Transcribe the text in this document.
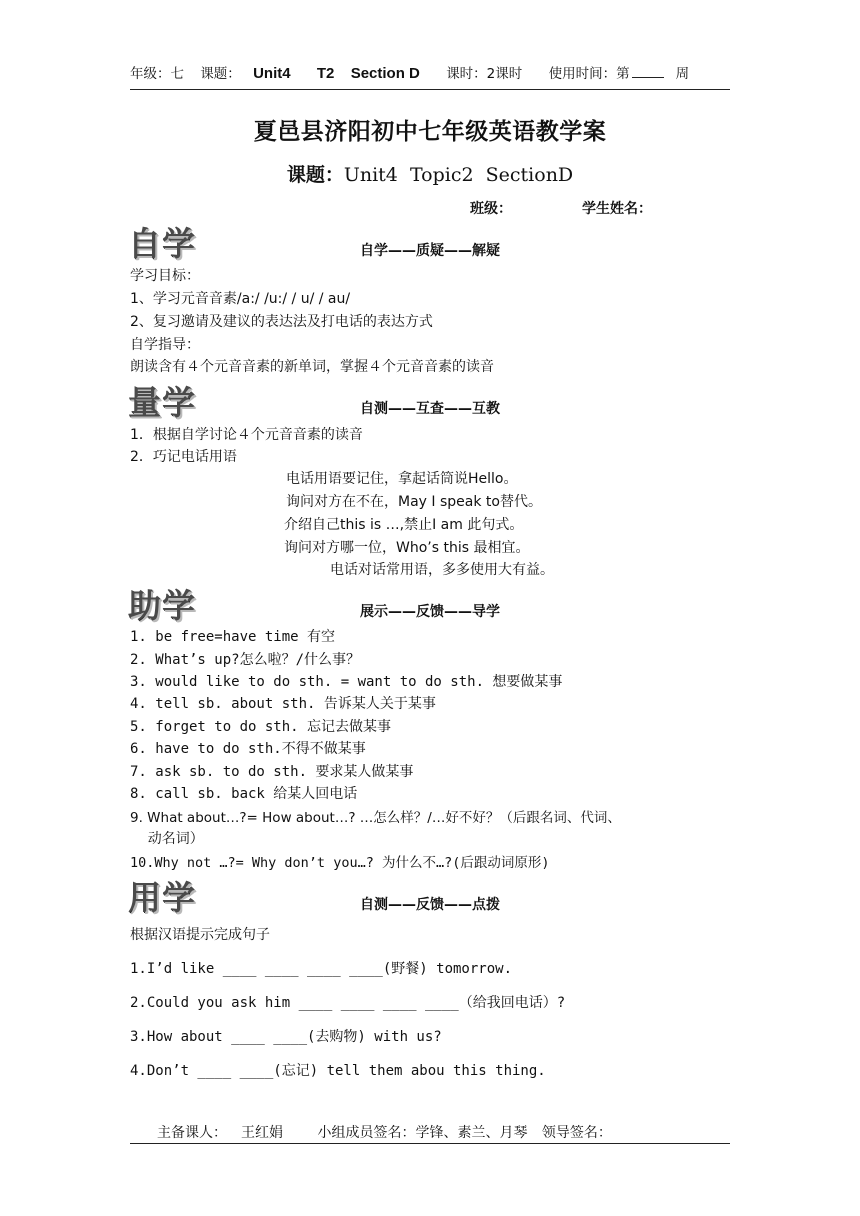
年级：七 课题： Unit4 T2 Section D 课时：2课时 使用时间：第	周
夏邑县济阳初中七年级英语教学案
课题：Unit4  Topic2  SectionD
班级：	学生姓名：
自学	自学——质疑——解疑
学习目标：
1、学习元音音素/a:/ /u:/ / u/ / au/
2、复习邀请及建议的表达法及打电话的表达方式
自学指导：
朗读含有４个元音音素的新单词，掌握４个元音音素的读音
量学	自测——互查——互教
1．根据自学讨论４个元音音素的读音
2．巧记电话用语
电话用语要记住，拿起话筒说Hello。
询问对方在不在，May I speak to替代。
介绍自己this is …,禁止I am 此句式。
询问对方哪一位，Who’s this 最相宜。
电话对话常用语，多多使用大有益。
助学	展示——反馈——导学
1. be free=have time 有空
2. What’s up?怎么啦？/什么事？
3. would like to do sth. = want to do sth. 想要做某事
4. tell sb. about sth. 告诉某人关于某事
5. forget to do sth. 忘记去做某事
6. have to do sth.不得不做某事
7. ask sb. to do sth. 要求某人做某事
8. call sb. back 给某人回电话
9. What about…?= How about…? …怎么样？/…好不好？（后跟名词、代词、
动名词）
10.Why not …?= Why don’t you…? 为什么不…?(后跟动词原形)
用学	自测——反馈——点拨
根据汉语提示完成句子
1.I’d like ____ ____ ____ ____(野餐) tomorrow.
2.Could you ask him ____ ____ ____ ____（给我回电话）?
3.How about ____ ____(去购物) with us?
4.Don’t ____ ____(忘记) tell them abou this thing.
主备课人： 王红娟 小组成员签名：学锋、素兰、月琴 领导签名：
